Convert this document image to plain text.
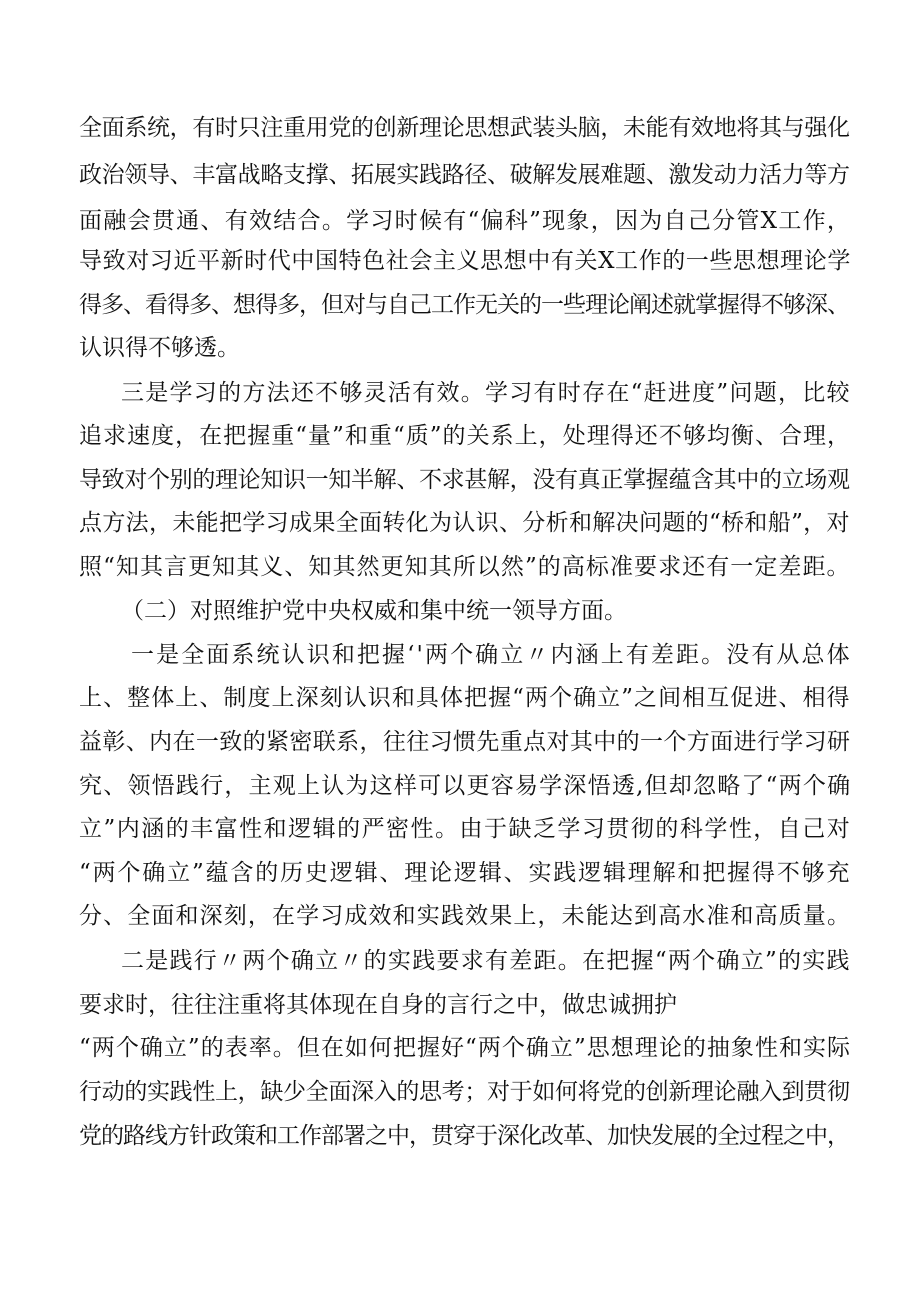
全面系统，有时只注重用党的创新理论思想武装头脑，未能有效地将其与强化
政治领导、丰富战略支撑、拓展实践路径、破解发展难题、激发动力活力等方
面融会贯通、有效结合。学习时候有“偏科”现象，因为自己分管X工作，
导致对习近平新时代中国特色社会主义思想中有关X工作的一些思想理论学
得多、看得多、想得多，但对与自己工作无关的一些理论阐述就掌握得不够深、
认识得不够透。
三是学习的方法还不够灵活有效。学习有时存在“赶进度”问题，比较
追求速度，在把握重“量”和重“质”的关系上，处理得还不够均衡、合理，
导致对个别的理论知识一知半解、不求甚解，没有真正掌握蕴含其中的立场观
点方法，未能把学习成果全面转化为认识、分析和解决问题的“桥和船”，对
照“知其言更知其义、知其然更知其所以然”的高标准要求还有一定差距。
（二）对照维护党中央权威和集中统一领导方面。
一是全面系统认识和把握‘'两个确立〃内涵上有差距。没有从总体
上、整体上、制度上深刻认识和具体把握“两个确立”之间相互促进、相得
益彰、内在一致的紧密联系，往往习惯先重点对其中的一个方面进行学习研
究、领悟践行，主观上认为这样可以更容易学深悟透,但却忽略了“两个确
立”内涵的丰富性和逻辑的严密性。由于缺乏学习贯彻的科学性，自己对
“两个确立”蕴含的历史逻辑、理论逻辑、实践逻辑理解和把握得不够充
分、全面和深刻，在学习成效和实践效果上，未能达到高水准和高质量。
二是践行〃两个确立〃的实践要求有差距。在把握“两个确立”的实践
要求时，往往注重将其体现在自身的言行之中，做忠诚拥护
“两个确立”的表率。但在如何把握好“两个确立”思想理论的抽象性和实际
行动的实践性上，缺少全面深入的思考；对于如何将党的创新理论融入到贯彻
党的路线方针政策和工作部署之中，贯穿于深化改革、加快发展的全过程之中，
